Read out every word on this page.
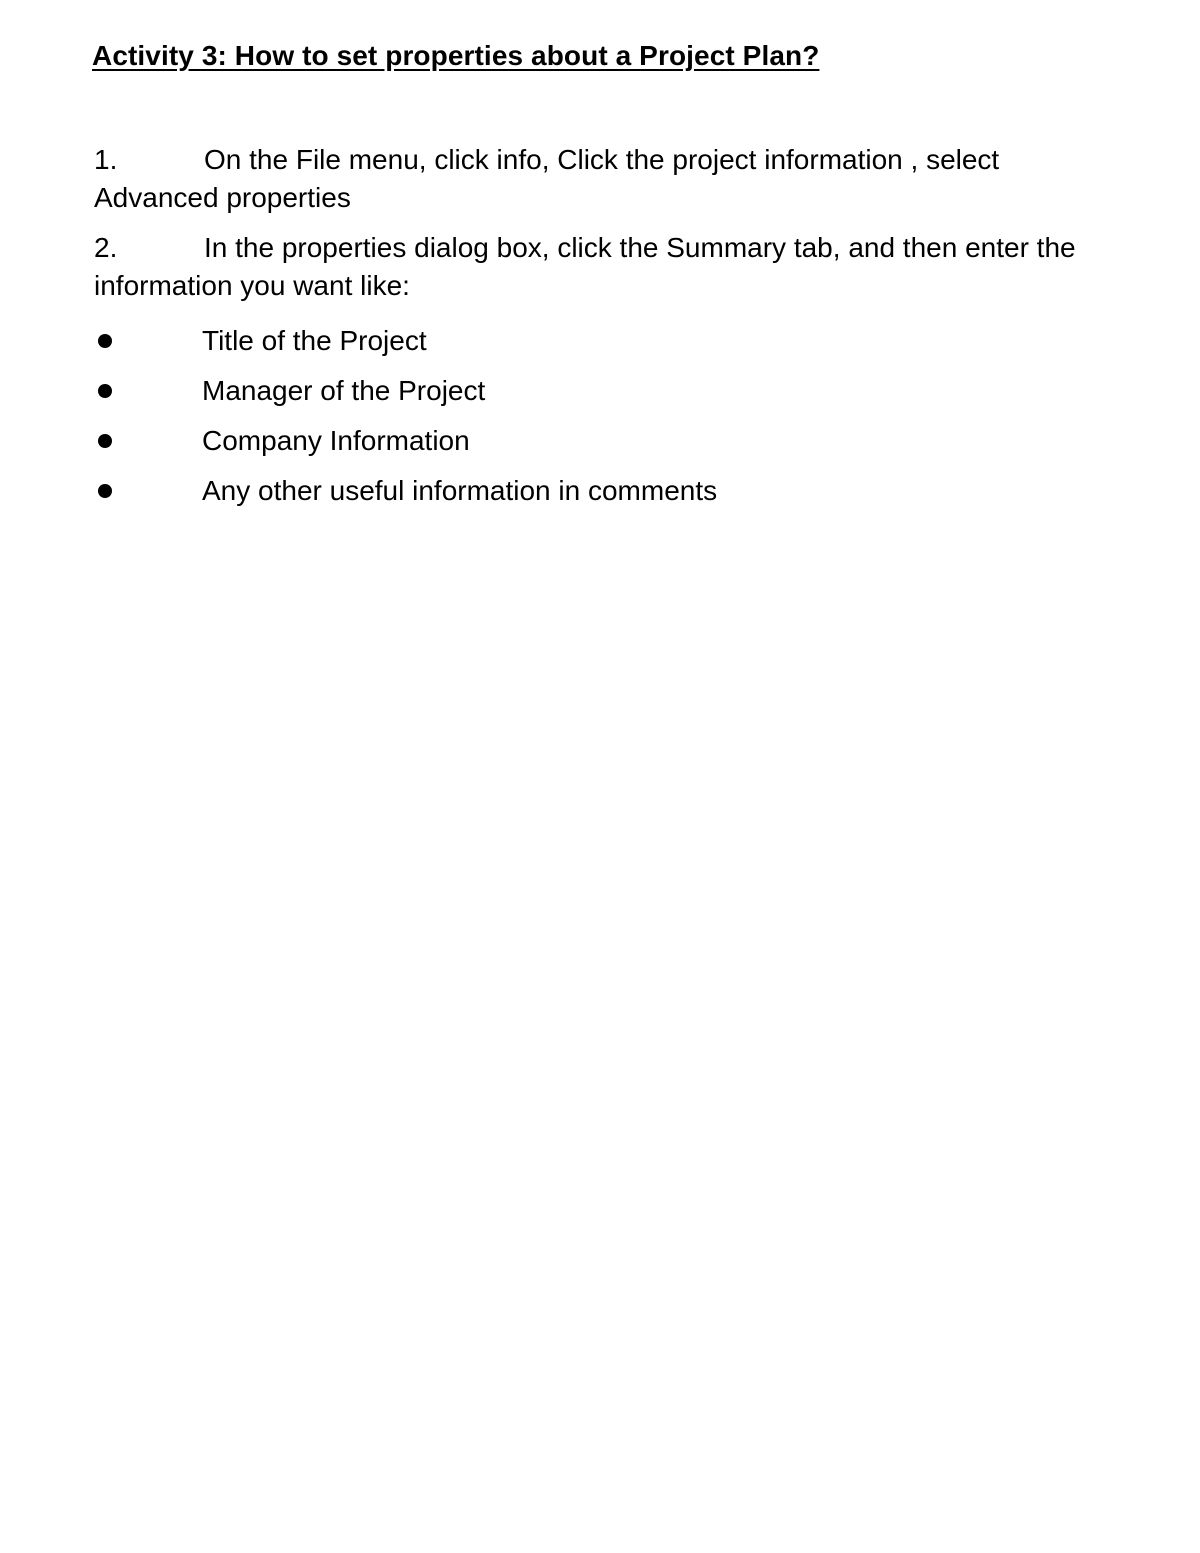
Activity 3: How to set properties about a Project Plan?

1.	On the File menu, click info, Click the project information , select Advanced properties

2.	In the properties dialog box, click the Summary tab, and then enter the information you want like:

Title of the Project
Manager of the Project
Company Information
Any other useful information in comments
